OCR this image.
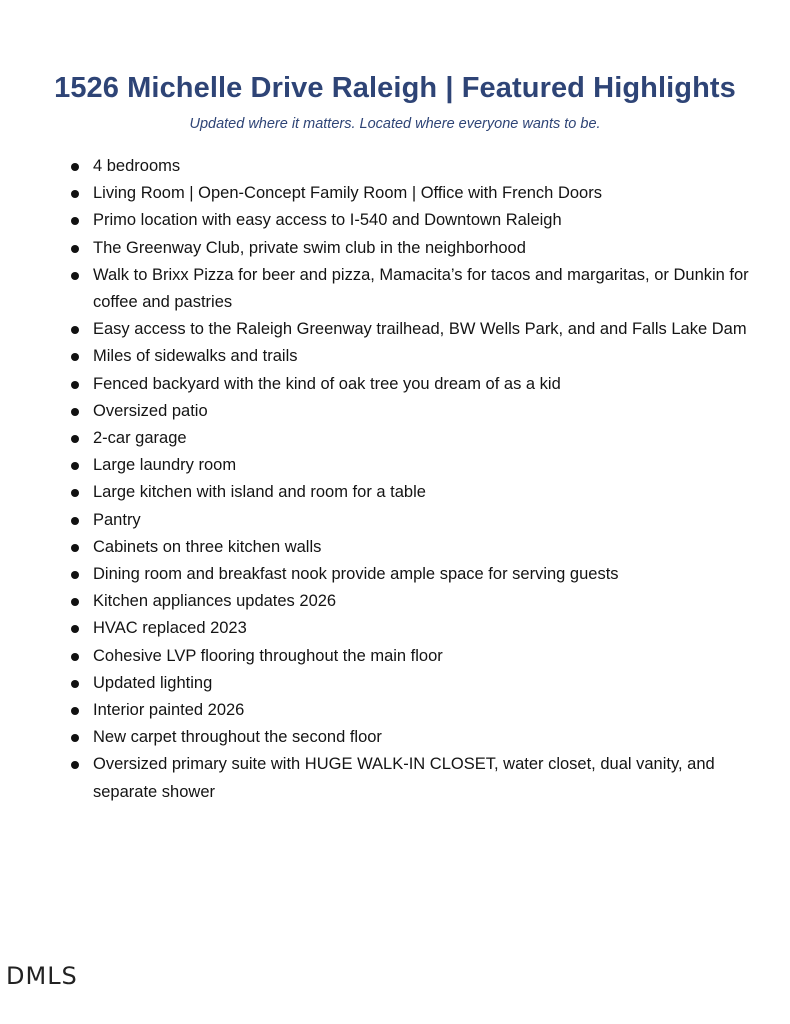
1526 Michelle Drive Raleigh | Featured Highlights
Updated where it matters. Located where everyone wants to be.
4 bedrooms
Living Room | Open-Concept Family Room | Office with French Doors
Primo location with easy access to I-540 and Downtown Raleigh
The Greenway Club, private swim club in the neighborhood
Walk to Brixx Pizza for beer and pizza, Mamacita’s for tacos and margaritas, or Dunkin for coffee and pastries
Easy access to the Raleigh Greenway trailhead, BW Wells Park, and and Falls Lake Dam
Miles of sidewalks and trails
Fenced backyard with the kind of oak tree you dream of as a kid
Oversized patio
2-car garage
Large laundry room
Large kitchen with island and room for a table
Pantry
Cabinets on three kitchen walls
Dining room and breakfast nook provide ample space for serving guests
Kitchen appliances updates 2026
HVAC replaced 2023
Cohesive LVP flooring throughout the main floor
Updated lighting
Interior painted 2026
New carpet throughout the second floor
Oversized primary suite with HUGE WALK-IN CLOSET, water closet, dual vanity, and separate shower
DMLS
